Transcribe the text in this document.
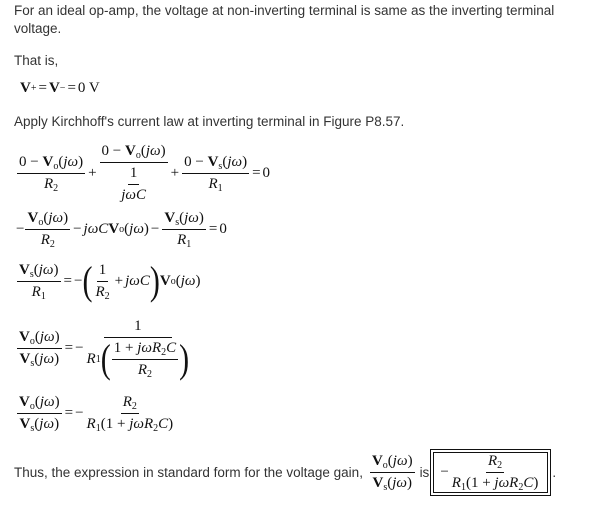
For an ideal op-amp, the voltage at non-inverting terminal is same as the inverting terminal voltage.
That is,
V + = V − = 0 V
Apply Kirchhoff's current law at inverting terminal in Figure P8.57.
$\frac{0 - V_o(j\omega)}{R_2} + \frac{0 - V_o(j\omega)}{\frac{1}{\text{jωC}}} + \frac{0 - V_s(j\omega)}{R_1} = 0$
− $\frac{V_o(j\omega)}{R_2} - j\omega C$ V o ( jω ) − $\frac{V_s(j\omega)}{R_1} = 0$
$\frac{V_s(j\omega)}{R_1}$ = − ( $\frac{1}{R_2} + j\omega C$ ) V o ( jω )
$\frac{V_o(j\omega)}{V_s(j\omega)}$ = − $\frac{1}{R 1 ( \frac{1 + j\omega R_2C}{R_2} )}$
$\frac{V_o(j\omega)}{V_s(j\omega)}$ = − $\frac{R_2}{R_1(1 + j\omega R_2C)}$
Thus, the expression in standard form for the voltage gain, $\frac{V_o(j\omega)}{V_s(j\omega)}$ is − $\frac{R_2}{R_1(1 + j\omega R_2C)}$ .
